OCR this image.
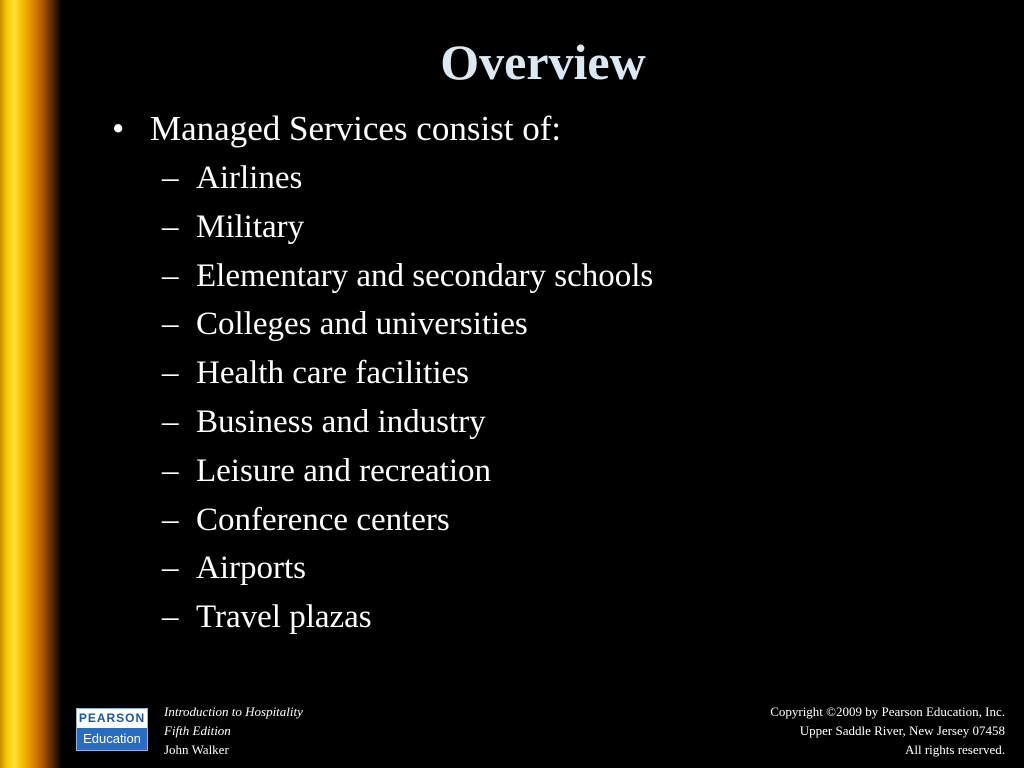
Overview
• Managed Services consist of:
– Airlines
– Military
– Elementary and secondary schools
– Colleges and universities
– Health care facilities
– Business and industry
– Leisure and recreation
– Conference centers
– Airports
– Travel plazas
PEARSON
Education
Introduction to Hospitality
Fifth Edition
John Walker
Copyright ©2009 by Pearson Education, Inc.
Upper Saddle River, New Jersey 07458
All rights reserved.
